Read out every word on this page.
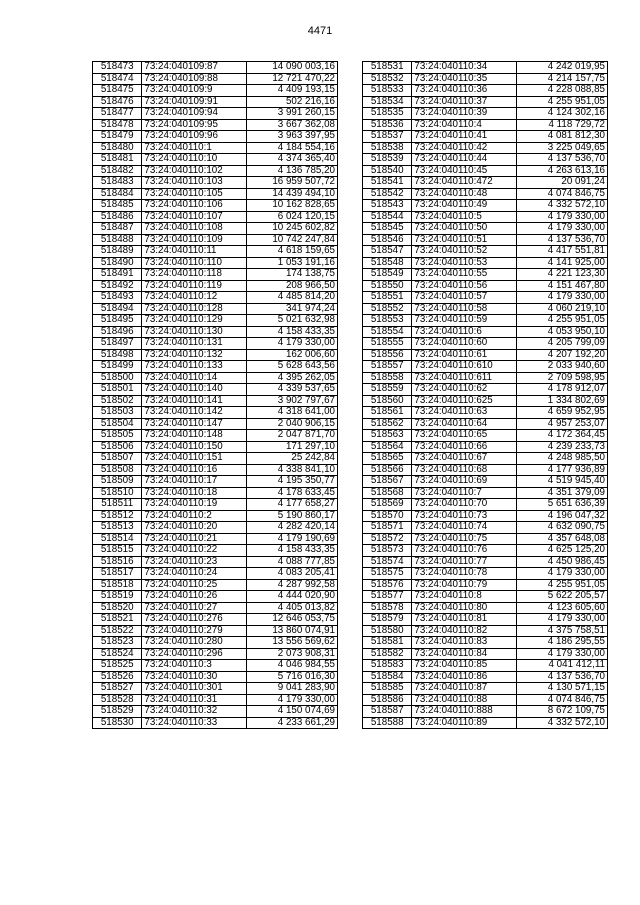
4471
518473	73:24:040109:87	14 090 003,16
518474	73:24:040109:88	12 721 470,22
518475	73:24:040109:9	4 409 193,15
518476	73:24:040109:91	502 216,16
518477	73:24:040109:94	3 991 260,15
518478	73:24:040109:95	3 667 362,08
518479	73:24:040109:96	3 963 397,95
518480	73:24:040110:1	4 184 554,16
518481	73:24:040110:10	4 374 365,40
518482	73:24:040110:102	4 136 785,20
518483	73:24:040110:103	16 959 507,72
518484	73:24:040110:105	14 439 494,10
518485	73:24:040110:106	10 162 828,65
518486	73:24:040110:107	6 024 120,15
518487	73:24:040110:108	10 245 602,82
518488	73:24:040110:109	10 742 247,84
518489	73:24:040110:11	4 618 159,65
518490	73:24:040110:110	1 053 191,16
518491	73:24:040110:118	174 138,75
518492	73:24:040110:119	208 966,50
518493	73:24:040110:12	4 485 814,20
518494	73:24:040110:128	341 974,24
518495	73:24:040110:129	5 021 632,98
518496	73:24:040110:130	4 158 433,35
518497	73:24:040110:131	4 179 330,00
518498	73:24:040110:132	162 006,60
518499	73:24:040110:133	5 628 643,56
518500	73:24:040110:14	4 395 262,05
518501	73:24:040110:140	4 339 537,65
518502	73:24:040110:141	3 902 797,67
518503	73:24:040110:142	4 318 641,00
518504	73:24:040110:147	2 040 906,15
518505	73:24:040110:148	2 047 871,70
518506	73:24:040110:150	171 297,10
518507	73:24:040110:151	25 242,84
518508	73:24:040110:16	4 338 841,10
518509	73:24:040110:17	4 195 350,77
518510	73:24:040110:18	4 178 633,45
518511	73:24:040110:19	4 177 658,27
518512	73:24:040110:2	5 190 860,17
518513	73:24:040110:20	4 282 420,14
518514	73:24:040110:21	4 179 190,69
518515	73:24:040110:22	4 158 433,35
518516	73:24:040110:23	4 088 777,85
518517	73:24:040110:24	4 083 205,41
518518	73:24:040110:25	4 287 992,58
518519	73:24:040110:26	4 444 020,90
518520	73:24:040110:27	4 405 013,82
518521	73:24:040110:276	12 646 053,75
518522	73:24:040110:279	13 860 074,91
518523	73:24:040110:280	13 556 569,62
518524	73:24:040110:296	2 073 908,31
518525	73:24:040110:3	4 046 984,55
518526	73:24:040110:30	5 716 016,30
518527	73:24:040110:301	9 041 283,90
518528	73:24:040110:31	4 179 330,00
518529	73:24:040110:32	4 150 074,69
518530	73:24:040110:33	4 233 661,29
518531	73:24:040110:34	4 242 019,95
518532	73:24:040110:35	4 214 157,75
518533	73:24:040110:36	4 228 088,85
518534	73:24:040110:37	4 255 951,05
518535	73:24:040110:39	4 124 302,16
518536	73:24:040110:4	4 118 729,72
518537	73:24:040110:41	4 081 812,30
518538	73:24:040110:42	3 225 049,65
518539	73:24:040110:44	4 137 536,70
518540	73:24:040110:45	4 263 613,16
518541	73:24:040110:472	20 091,24
518542	73:24:040110:48	4 074 846,75
518543	73:24:040110:49	4 332 572,10
518544	73:24:040110:5	4 179 330,00
518545	73:24:040110:50	4 179 330,00
518546	73:24:040110:51	4 137 536,70
518547	73:24:040110:52	4 417 551,81
518548	73:24:040110:53	4 141 925,00
518549	73:24:040110:55	4 221 123,30
518550	73:24:040110:56	4 151 467,80
518551	73:24:040110:57	4 179 330,00
518552	73:24:040110:58	4 060 219,10
518553	73:24:040110:59	4 255 951,05
518554	73:24:040110:6	4 053 950,10
518555	73:24:040110:60	4 205 799,09
518556	73:24:040110:61	4 207 192,20
518557	73:24:040110:610	2 033 940,60
518558	73:24:040110:611	2 709 598,95
518559	73:24:040110:62	4 178 912,07
518560	73:24:040110:625	1 334 802,69
518561	73:24:040110:63	4 659 952,95
518562	73:24:040110:64	4 957 253,07
518563	73:24:040110:65	4 172 364,45
518564	73:24:040110:66	4 239 233,73
518565	73:24:040110:67	4 248 985,50
518566	73:24:040110:68	4 177 936,89
518567	73:24:040110:69	4 519 945,40
518568	73:24:040110:7	4 351 379,09
518569	73:24:040110:70	5 651 636,39
518570	73:24:040110:73	4 196 047,32
518571	73:24:040110:74	4 632 090,75
518572	73:24:040110:75	4 357 648,08
518573	73:24:040110:76	4 625 125,20
518574	73:24:040110:77	4 450 986,45
518575	73:24:040110:78	4 179 330,00
518576	73:24:040110:79	4 255 951,05
518577	73:24:040110:8	5 622 205,57
518578	73:24:040110:80	4 123 605,60
518579	73:24:040110:81	4 179 330,00
518580	73:24:040110:82	4 375 758,51
518581	73:24:040110:83	4 186 295,55
518582	73:24:040110:84	4 179 330,00
518583	73:24:040110:85	4 041 412,11
518584	73:24:040110:86	4 137 536,70
518585	73:24:040110:87	4 130 571,15
518586	73:24:040110:88	4 074 846,75
518587	73:24:040110:888	8 672 109,75
518588	73:24:040110:89	4 332 572,10
